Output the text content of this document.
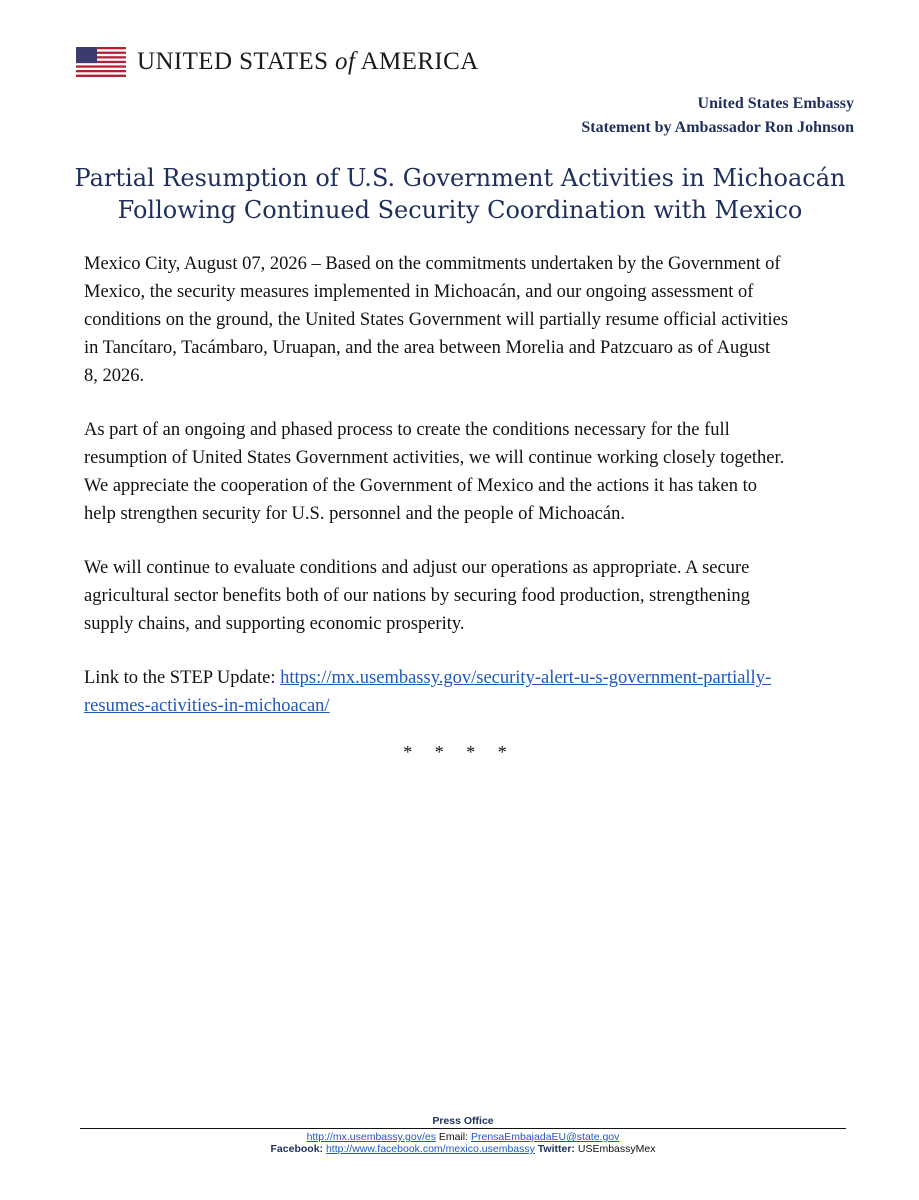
UNITED STATES of AMERICA
United States Embassy
Statement by Ambassador Ron Johnson
Partial Resumption of U.S. Government Activities in Michoacán
Following Continued Security Coordination with Mexico

Mexico City, August 07, 2026 – Based on the commitments undertaken by the Government of
Mexico, the security measures implemented in Michoacán, and our ongoing assessment of
conditions on the ground, the United States Government will partially resume official activities
in Tancítaro, Tacámbaro, Uruapan, and the area between Morelia and Patzcuaro as of August
8, 2026.

As part of an ongoing and phased process to create the conditions necessary for the full
resumption of United States Government activities, we will continue working closely together.
We appreciate the cooperation of the Government of Mexico and the actions it has taken to
help strengthen security for U.S. personnel and the people of Michoacán.

We will continue to evaluate conditions and adjust our operations as appropriate. A secure
agricultural sector benefits both of our nations by securing food production, strengthening
supply chains, and supporting economic prosperity.

Link to the STEP Update: https://mx.usembassy.gov/security-alert-u-s-government-partially-
resumes-activities-in-michoacan/

* * * *
Press Office
http://mx.usembassy.gov/es Email: PrensaEmbajadaEU@state.gov
Facebook: http://www.facebook.com/mexico.usembassy Twitter: USEmbassyMex
